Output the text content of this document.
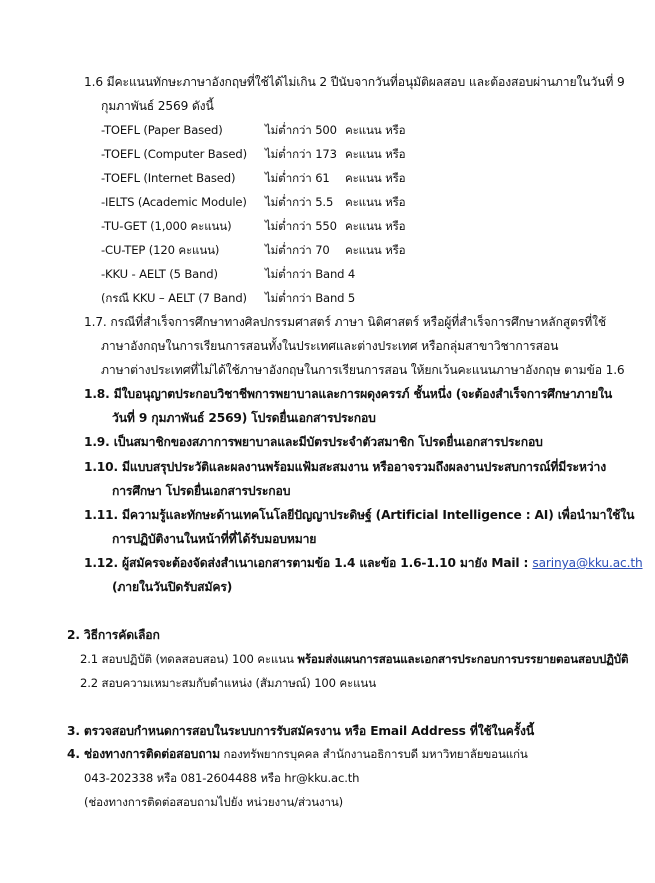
1.6 มีคะแนนทักษะภาษาอังกฤษที่ใช้ได้ไม่เกิน 2 ปีนับจากวันที่อนุมัติผลสอบ และต้องสอบผ่านภายในวันที่ 9
กุมภาพันธ์ 2569 ดังนี้
-TOEFL (Paper Based)	ไม่ต่ำกว่า 500 คะแนน หรือ
-TOEFL (Computer Based) ไม่ต่ำกว่า 173 คะแนน หรือ
-TOEFL (Internet Based)	ไม่ต่ำกว่า 61 คะแนน หรือ
-IELTS (Academic Module) ไม่ต่ำกว่า 5.5 คะแนน หรือ
-TU-GET (1,000 คะแนน)	ไม่ต่ำกว่า 550 คะแนน หรือ
-CU-TEP (120 คะแนน)	ไม่ต่ำกว่า 70 คะแนน หรือ
-KKU - AELT (5 Band)	ไม่ต่ำกว่า Band 4
(กรณี KKU – AELT (7 Band) ไม่ต่ำกว่า Band 5
1.7. กรณีที่สำเร็จการศึกษาทางศิลปกรรมศาสตร์ ภาษา นิติศาสตร์ หรือผู้ที่สำเร็จการศึกษาหลักสูตรที่ใช้
ภาษาอังกฤษในการเรียนการสอนทั้งในประเทศและต่างประเทศ หรือกลุ่มสาขาวิชาการสอน
ภาษาต่างประเทศที่ไม่ได้ใช้ภาษาอังกฤษในการเรียนการสอน ให้ยกเว้นคะแนนภาษาอังกฤษ ตามข้อ 1.6
1.8. มีใบอนุญาตประกอบวิชาชีพการพยาบาลและการผดุงครรภ์ ชั้นหนึ่ง (จะต้องสำเร็จการศึกษาภายใน
วันที่ 9 กุมภาพันธ์ 2569) โปรดยื่นเอกสารประกอบ
1.9. เป็นสมาชิกของสภาการพยาบาลและมีบัตรประจำตัวสมาชิก โปรดยื่นเอกสารประกอบ
1.10. มีแบบสรุปประวัติและผลงานพร้อมแฟ้มสะสมงาน หรืออาจรวมถึงผลงานประสบการณ์ที่มีระหว่าง
การศึกษา โปรดยื่นเอกสารประกอบ
1.11. มีความรู้และทักษะด้านเทคโนโลยีปัญญาประดิษฐ์ (Artificial Intelligence : AI) เพื่อนำมาใช้ใน
การปฏิบัติงานในหน้าที่ที่ได้รับมอบหมาย
1.12. ผู้สมัครจะต้องจัดส่งสำเนาเอกสารตามข้อ 1.4 และข้อ 1.6-1.10 มายัง Mail : sarinya@kku.ac.th
(ภายในวันปิดรับสมัคร)
2. วิธีการคัดเลือก
2.1 สอบปฏิบัติ (ทดลสอบสอน) 100 คะแนน พร้อมส่งแผนการสอนและเอกสารประกอบการบรรยายตอนสอบปฏิบัติ
2.2 สอบความเหมาะสมกับตำแหน่ง (สัมภาษณ์) 100 คะแนน
3. ตรวจสอบกำหนดการสอบในระบบการรับสมัครงาน หรือ Email Address ที่ใช้ในครั้งนี้
4. ช่องทางการติดต่อสอบถาม กองทรัพยากรบุคคล สำนักงานอธิการบดี มหาวิทยาลัยขอนแก่น
043-202338 หรือ 081-2604488 หรือ hr@kku.ac.th
(ช่องทางการติดต่อสอบถามไปยัง หน่วยงาน/ส่วนงาน)
